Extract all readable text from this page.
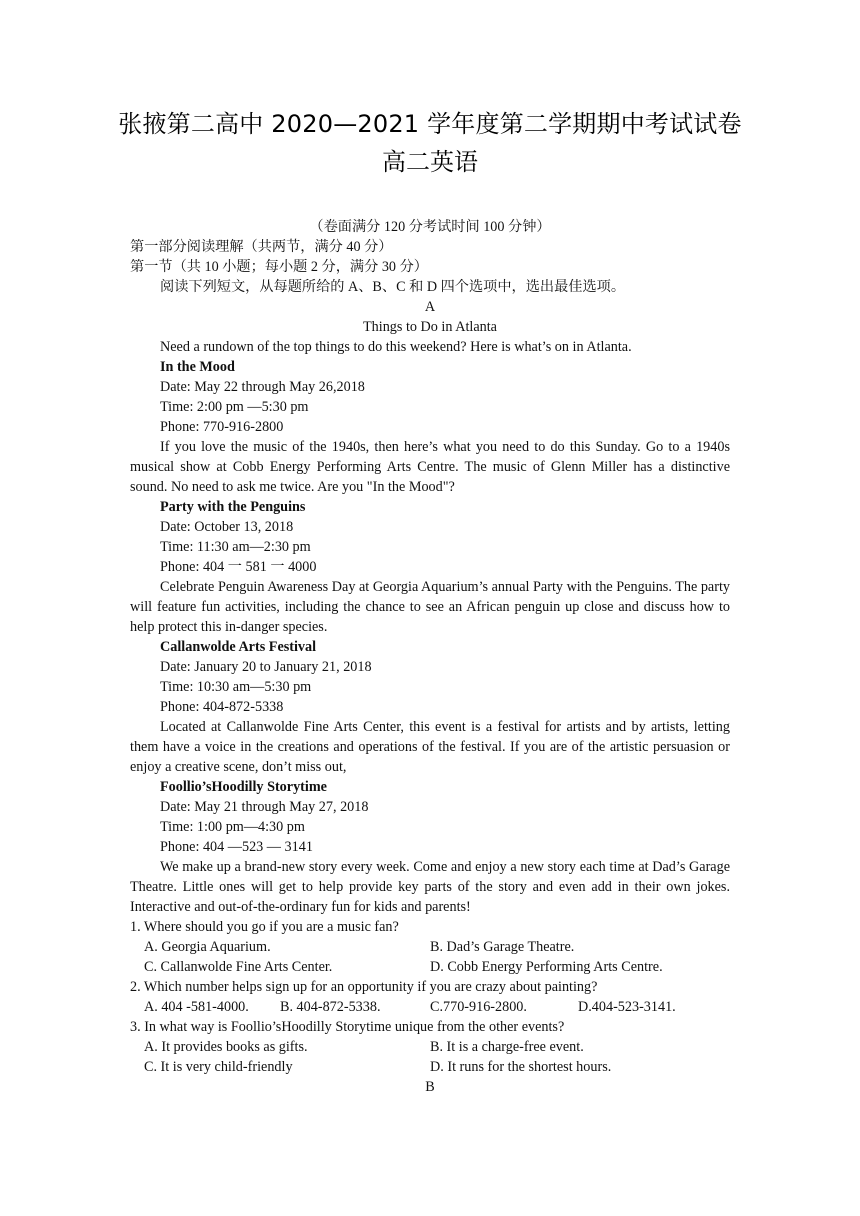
张掖第二高中 2020—2021 学年度第二学期期中考试试卷
高二英语
（卷面满分 120 分考试时间 100 分钟）
第一部分阅读理解（共两节，满分 40 分）
第一节（共 10 小题；每小题 2 分，满分 30 分）
阅读下列短文，从每题所给的 A、B、C 和 D 四个选项中，选出最佳选项。
A
Things to Do in Atlanta
Need a rundown of the top things to do this weekend? Here is what’s on in Atlanta.
In the Mood
Date: May 22 through May 26,2018
Time: 2:00 pm —5:30 pm
Phone: 770-916-2800
If you love the music of the 1940s, then here’s what you need to do this Sunday. Go to a 1940s musical show at Cobb Energy Performing Arts Centre. The music of Glenn Miller has a distinctive sound. No need to ask me twice. Are you "In the Mood"?
Party with the Penguins
Date: October 13, 2018
Time: 11:30 am—2:30 pm
Phone: 404 一 581 一 4000
Celebrate Penguin Awareness Day at Georgia Aquarium’s annual Party with the Penguins. The party will feature fun activities, including the chance to see an African penguin up close and discuss how to help protect this in-danger species.
Callanwolde Arts Festival
Date: January 20 to January 21, 2018
Time: 10:30 am—5:30 pm
Phone: 404-872-5338
Located at Callanwolde Fine Arts Center, this event is a festival for artists and by artists, letting them have a voice in the creations and operations of the festival. If you are of the artistic persuasion or enjoy a creative scene, don’t miss out,
Foollio’sHoodilly Storytime
Date: May 21 through May 27, 2018
Time: 1:00 pm—4:30 pm
Phone: 404 —523 — 3141
We make up a brand-new story every week. Come and enjoy a new story each time at Dad’s Garage Theatre. Little ones will get to help provide key parts of the story and even add in their own jokes. Interactive and out-of-the-ordinary fun for kids and parents!
1. Where should you go if you are a music fan?
A. Georgia Aquarium.	B. Dad’s Garage Theatre.
C. Callanwolde Fine Arts Center.	D. Cobb Energy Performing Arts Centre.
2. Which number helps sign up for an opportunity if you are crazy about painting?
A. 404 -581-4000.	B. 404-872-5338.	C.770-916-2800.	D.404-523-3141.
3. In what way is Foollio’sHoodilly Storytime unique from the other events?
A. It provides books as gifts.	B. It is a charge-free event.
C. It is very child-friendly	D. It runs for the shortest hours.
B
